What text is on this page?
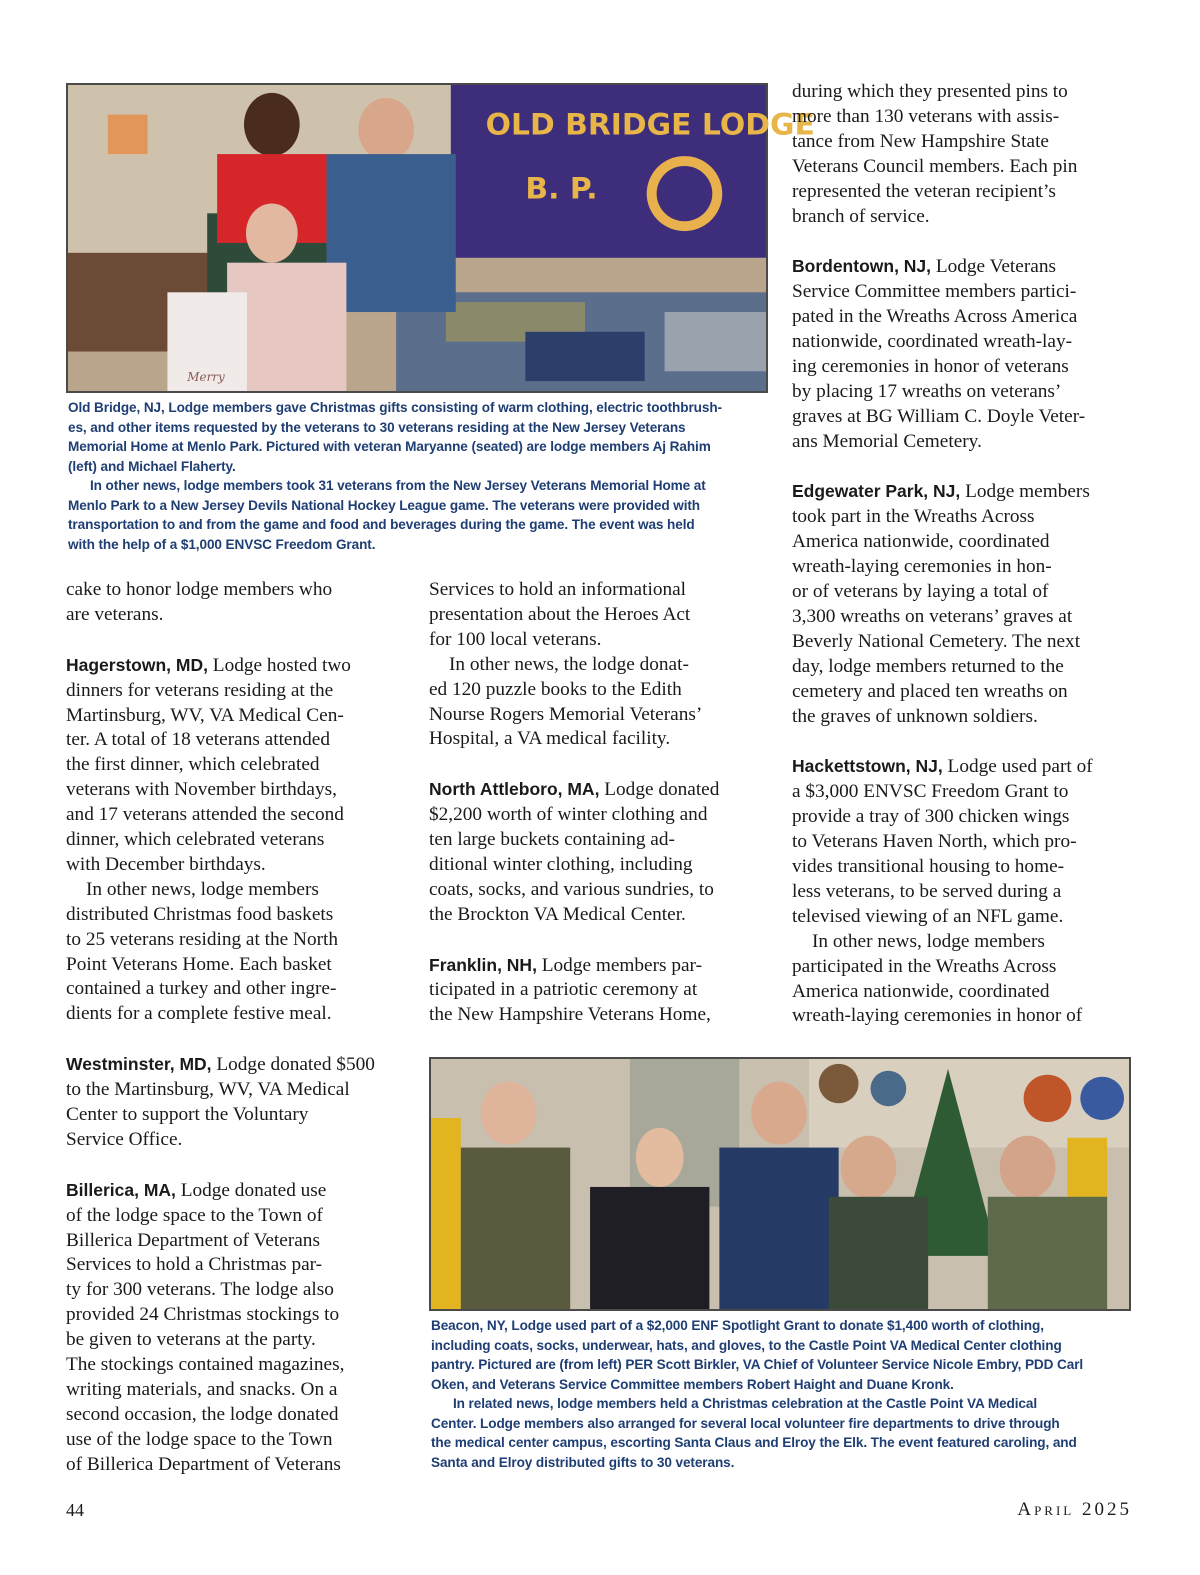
OLD BRIDGE LODGE
B. P.
Merry

Old Bridge, NJ, Lodge members gave Christmas gifts consisting of warm clothing, electric toothbrush-

es, and other items requested by the veterans to 30 veterans residing at the New Jersey Veterans

Memorial Home at Menlo Park. Pictured with veteran Maryanne (seated) are lodge members Aj Rahim

(left) and Michael Flaherty.

In other news, lodge members took 31 veterans from the New Jersey Veterans Memorial Home at

Menlo Park to a New Jersey Devils National Hockey League game. The veterans were provided with

transportation to and from the game and food and beverages during the game. The event was held

with the help of a $1,000 ENVSC Freedom Grant.

cake to honor lodge members who

are veterans.

Hagerstown, MD, Lodge hosted two

dinners for veterans residing at the

Martinsburg, WV, VA Medical Cen-

ter. A total of 18 veterans attended

the first dinner, which celebrated

veterans with November birthdays,

and 17 veterans attended the second

dinner, which celebrated veterans

with December birthdays.

In other news, lodge members

distributed Christmas food baskets

to 25 veterans residing at the North

Point Veterans Home. Each basket

contained a turkey and other ingre-

dients for a complete festive meal.

Westminster, MD, Lodge donated $500

to the Martinsburg, WV, VA Medical

Center to support the Voluntary

Service Office.

Billerica, MA, Lodge donated use

of the lodge space to the Town of

Billerica Department of Veterans

Services to hold a Christmas par-

ty for 300 veterans. The lodge also

provided 24 Christmas stockings to

be given to veterans at the party.

The stockings contained magazines,

writing materials, and snacks. On a

second occasion, the lodge donated

use of the lodge space to the Town

of Billerica Department of Veterans

Services to hold an informational

presentation about the Heroes Act

for 100 local veterans.

In other news, the lodge donat-

ed 120 puzzle books to the Edith

Nourse Rogers Memorial Veterans’

Hospital, a VA medical facility.

North Attleboro, MA, Lodge donated

$2,200 worth of winter clothing and

ten large buckets containing ad-

ditional winter clothing, including

coats, socks, and various sundries, to

the Brockton VA Medical Center.

Franklin, NH, Lodge members par-

ticipated in a patriotic ceremony at

the New Hampshire Veterans Home,

during which they presented pins to

more than 130 veterans with assis-

tance from New Hampshire State

Veterans Council members. Each pin

represented the veteran recipient’s

branch of service.

Bordentown, NJ, Lodge Veterans

Service Committee members partici-

pated in the Wreaths Across America

nationwide, coordinated wreath-lay-

ing ceremonies in honor of veterans

by placing 17 wreaths on veterans’

graves at BG William C. Doyle Veter-

ans Memorial Cemetery.

Edgewater Park, NJ, Lodge members

took part in the Wreaths Across

America nationwide, coordinated

wreath-laying ceremonies in hon-

or of veterans by laying a total of

3,300 wreaths on veterans’ graves at

Beverly National Cemetery. The next

day, lodge members returned to the

cemetery and placed ten wreaths on

the graves of unknown soldiers.

Hackettstown, NJ, Lodge used part of

a $3,000 ENVSC Freedom Grant to

provide a tray of 300 chicken wings

to Veterans Haven North, which pro-

vides transitional housing to home-

less veterans, to be served during a

televised viewing of an NFL game.

In other news, lodge members

participated in the Wreaths Across

America nationwide, coordinated

wreath-laying ceremonies in honor of

Beacon, NY, Lodge used part of a $2,000 ENF Spotlight Grant to donate $1,400 worth of clothing,

including coats, socks, underwear, hats, and gloves, to the Castle Point VA Medical Center clothing

pantry. Pictured are (from left) PER Scott Birkler, VA Chief of Volunteer Service Nicole Embry, PDD Carl

Oken, and Veterans Service Committee members Robert Haight and Duane Kronk.

In related news, lodge members held a Christmas celebration at the Castle Point VA Medical

Center. Lodge members also arranged for several local volunteer fire departments to drive through

the medical center campus, escorting Santa Claus and Elroy the Elk. The event featured caroling, and

Santa and Elroy distributed gifts to 30 veterans.

44	April 2025
